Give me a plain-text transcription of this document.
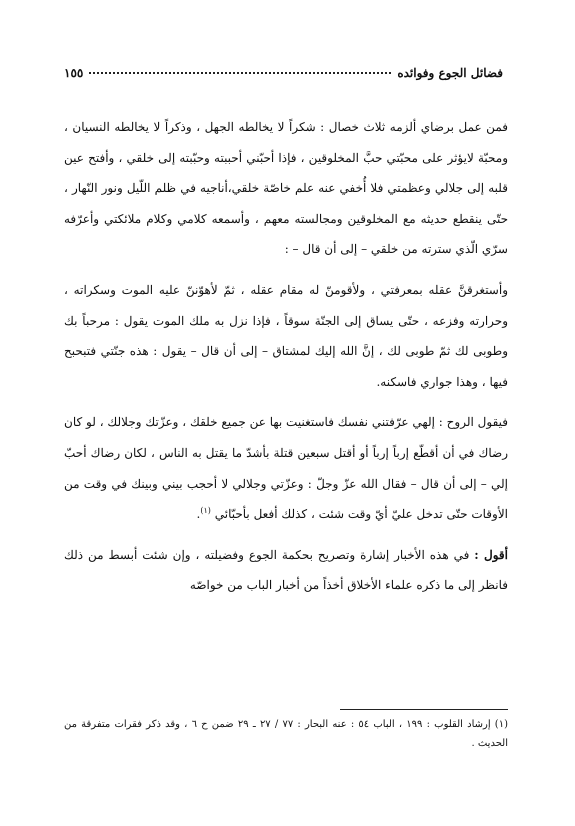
فضائل الجوع وفوائده
١٥٥

فمن عمل برضاي ألزمه ثلاث خصال : شكراً لا يخالطه الجهل ، وذكراً لا يخالطه النسيان ، ومحبّة لايؤثر على محبّتي حبَّ المخلوقين ، فإذا أحبّني أحببته وحبّبته إلى خلقي ، وأفتح عين قلبه إلى جلالي وعظمتي فلا أُخفي عنه علم خاصّة خلقي،أناجيه في ظلم اللّيل ونور النّهار ، حتّى ينقطع حديثه مع المخلوقين ومجالسته معهم ، وأسمعه كلامي وكلام ملائكتي وأعرّفه سرّي الّذي سترته من خلقي – إلى أن قال – :

وأستغرقنَّ عقله بمعرفتي ، ولأقومنّ له مقام عقله ، ثمّ لأهوّننّ عليه الموت وسكراته ، وحرارته وفزعه ، حتّى يساق إلى الجنّة سوقاً ، فإذا نزل به ملك الموت يقول : مرحباً بك وطوبى لك ثمّ طوبى لك ، إنَّ الله إليك لمشتاق – إلى أن قال – يقول : هذه جنّتي فتبحبح فيها ، وهذا جواري فاسكنه.

فيقول الروح : إلهي عرّفتني نفسك فاستغنيت بها عن جميع خلقك ، وعزّتك وجلالك ، لو كان رضاك في أن أقطّع إرباً إرباً أو أقتل سبعين قتلة بأشدّ ما يقتل به الناس ، لكان رضاك أحبّ إلي – إلى أن قال – فقال الله عزّ وجلّ : وعزّتي وجلالي لا أحجب بيني وبينك في وقت من الأوقات حتّى تدخل عليّ أيّ وقت شئت ، كذلك أفعل بأحبّائي $^{(١)}$.

أقول : في هذه الأخبار إشارة وتصريح بحكمة الجوع وفضيلته ، وإن شئت أبسط من ذلك فانظر إلى ما ذكره علماء الأخلاق أخذاً من أخبار الباب من خواصّه

(١) إرشاد القلوب : ١٩٩ ، الباب ٥٤ : عنه البحار : ٧٧ / ٢٧ ـ ٢٩ ضمن ح ٦ ، وقد ذكر فقرات متفرقة من الحديث .
